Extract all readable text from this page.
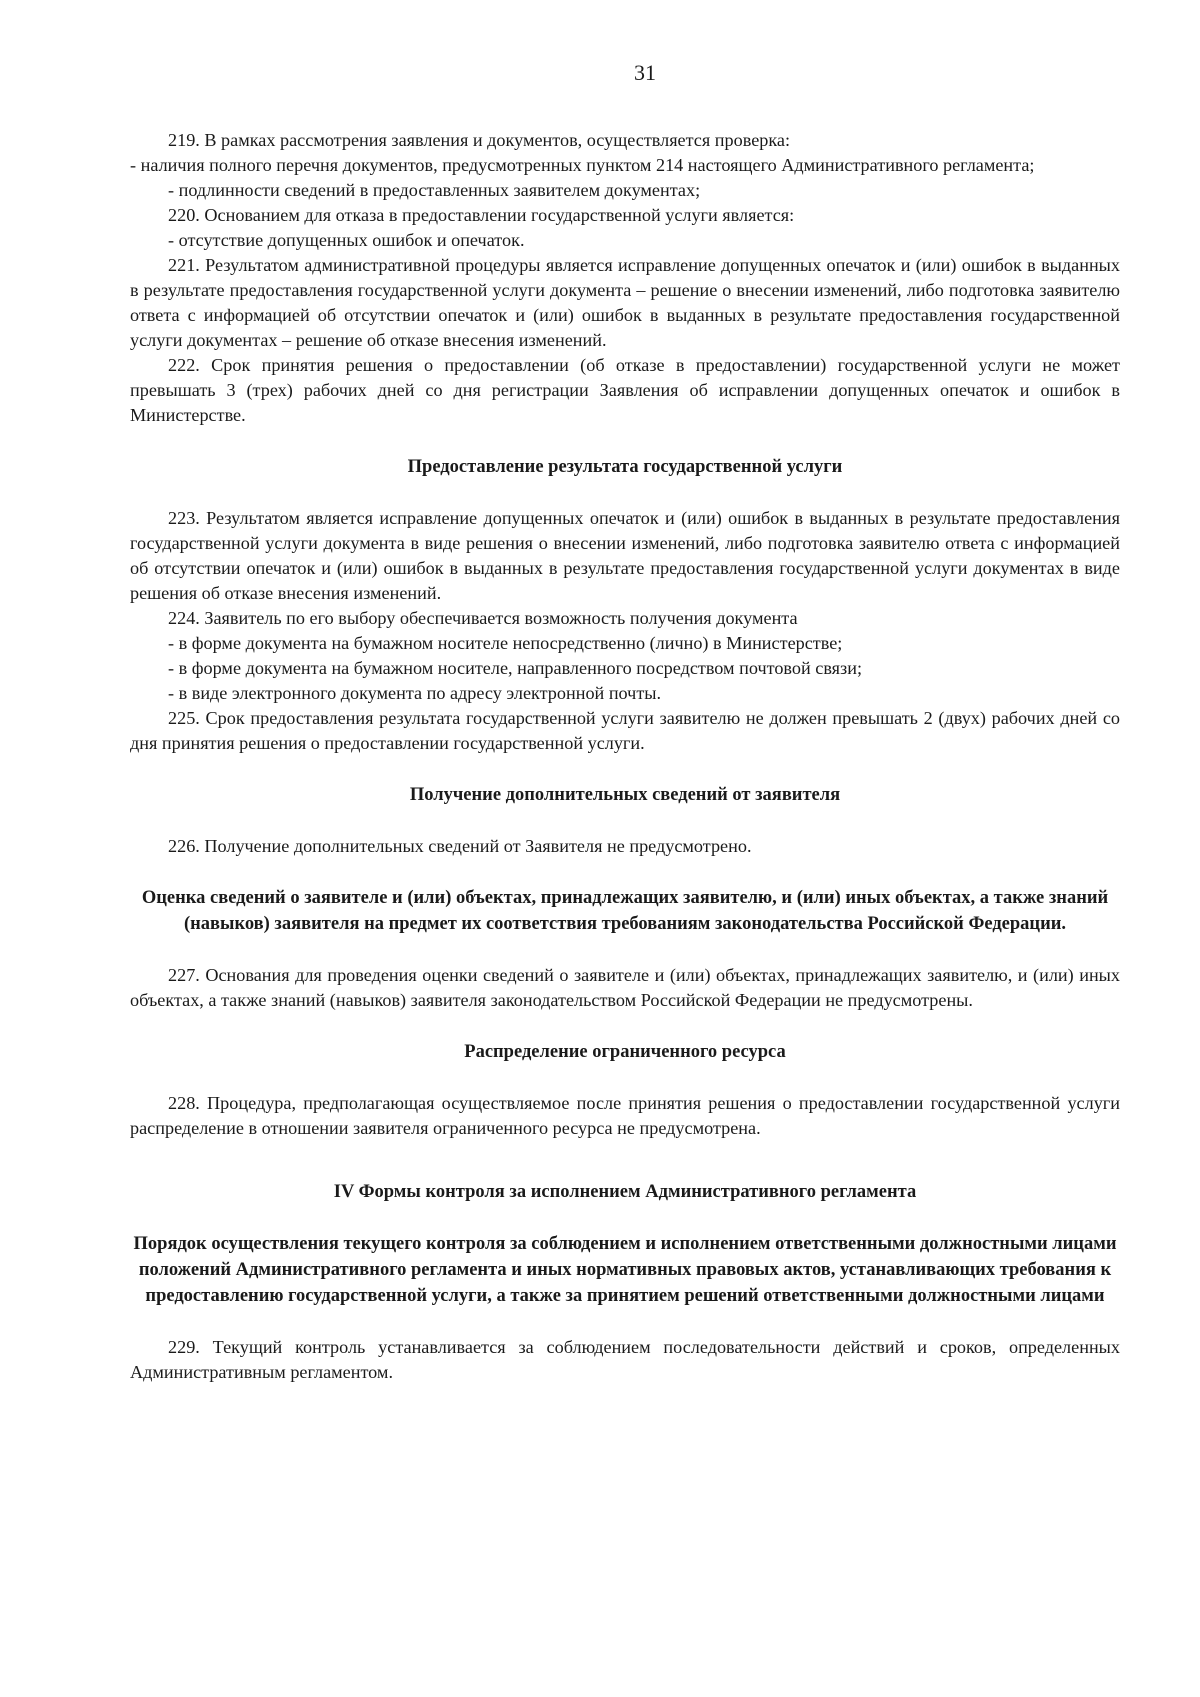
31

219. В рамках рассмотрения заявления и документов, осуществляется проверка:

- наличия полного перечня документов, предусмотренных пунктом 214 настоящего Административного регламента;

- подлинности сведений в предоставленных заявителем документах;

220. Основанием для отказа в предоставлении государственной услуги является:

- отсутствие допущенных ошибок и опечаток.

221. Результатом административной процедуры является исправление допущенных опечаток и (или) ошибок в выданных в результате предоставления государственной услуги документа – решение о внесении изменений, либо подготовка заявителю ответа с информацией об отсутствии опечаток и (или) ошибок в выданных в результате предоставления государственной услуги документах – решение об отказе внесения изменений.

222. Срок принятия решения о предоставлении (об отказе в предоставлении) государственной услуги не может превышать 3 (трех) рабочих дней со дня регистрации Заявления об исправлении допущенных опечаток и ошибок в Министерстве.

Предоставление результата государственной услуги

223. Результатом является исправление допущенных опечаток и (или) ошибок в выданных в результате предоставления государственной услуги документа в виде решения о внесении изменений, либо подготовка заявителю ответа с информацией об отсутствии опечаток и (или) ошибок в выданных в результате предоставления государственной услуги документах в виде решения об отказе внесения изменений.

224. Заявитель по его выбору обеспечивается возможность получения документа

- в форме документа на бумажном носителе непосредственно (лично) в Министерстве;

- в форме документа на бумажном носителе, направленного посредством почтовой связи;

- в виде электронного документа по адресу электронной почты.

225. Срок предоставления результата государственной услуги заявителю не должен превышать 2 (двух) рабочих дней со дня принятия решения о предоставлении государственной услуги.

Получение дополнительных сведений от заявителя

226. Получение дополнительных сведений от Заявителя не предусмотрено.

Оценка сведений о заявителе и (или) объектах, принадлежащих заявителю, и (или) иных объектах, а также знаний (навыков) заявителя на предмет их соответствия требованиям законодательства Российской Федерации.

227. Основания для проведения оценки сведений о заявителе и (или) объектах, принадлежащих заявителю, и (или) иных объектах, а также знаний (навыков) заявителя законодательством Российской Федерации не предусмотрены.

Распределение ограниченного ресурса

228. Процедура, предполагающая осуществляемое после принятия решения о предоставлении государственной услуги распределение в отношении заявителя ограниченного ресурса не предусмотрена.

IV Формы контроля за исполнением Административного регламента
Порядок осуществления текущего контроля за соблюдением и исполнением ответственными должностными лицами положений Административного регламента и иных нормативных правовых актов, устанавливающих требования к предоставлению государственной услуги, а также за принятием решений ответственными должностными лицами

229. Текущий контроль устанавливается за соблюдением последовательности действий и сроков, определенных Административным регламентом.
